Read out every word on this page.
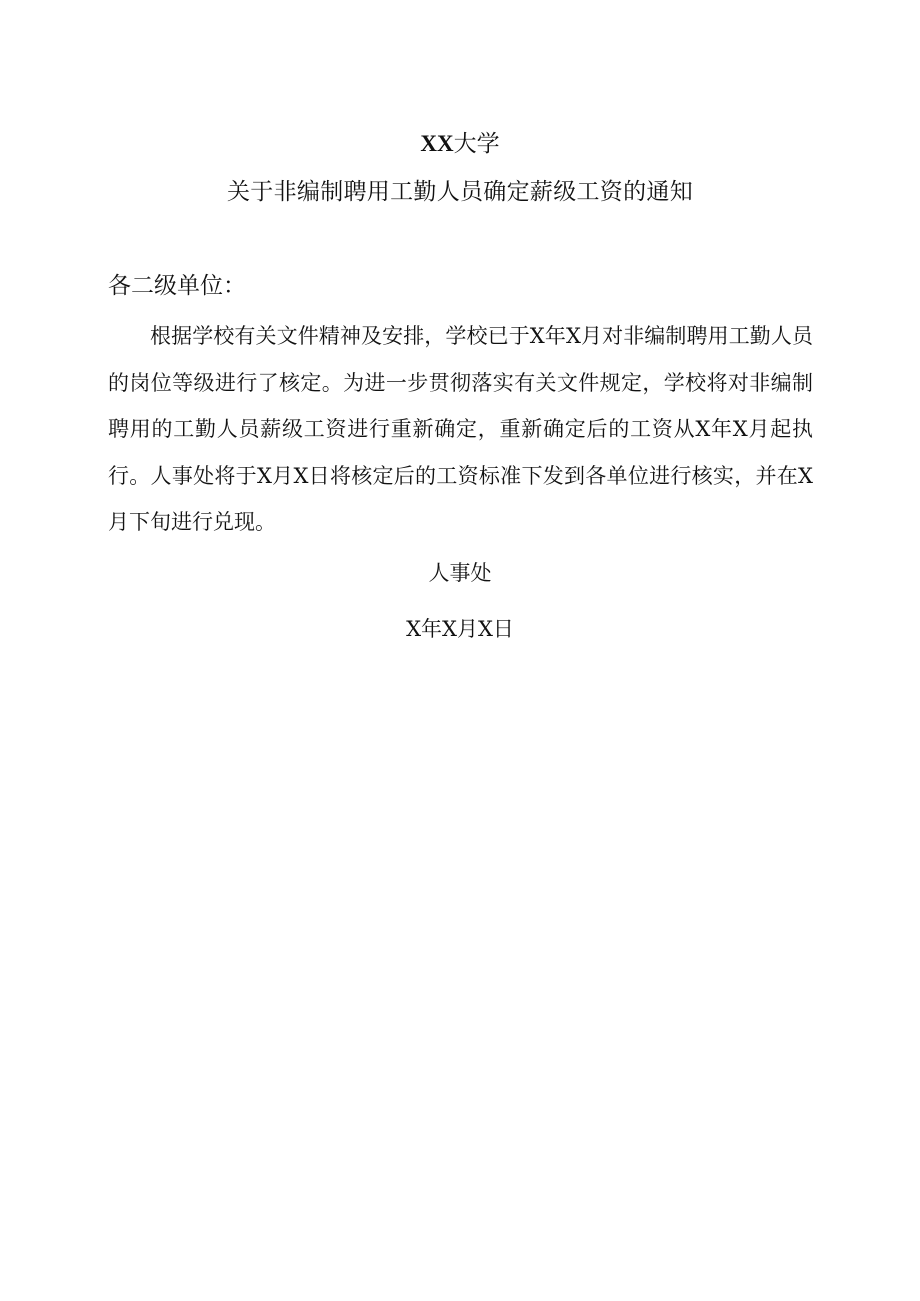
XX大学
关于非编制聘用工勤人员确定薪级工资的通知
各二级单位：

根据学校有关文件精神及安排，学校已于X年X月对非编制聘用工勤人员的岗位等级进行了核定。为进一步贯彻落实有关文件规定，学校将对非编制聘用的工勤人员薪级工资进行重新确定，重新确定后的工资从X年X月起执行。人事处将于X月X日将核定后的工资标准下发到各单位进行核实，并在X月下旬进行兑现。

人事处
X年X月X日
